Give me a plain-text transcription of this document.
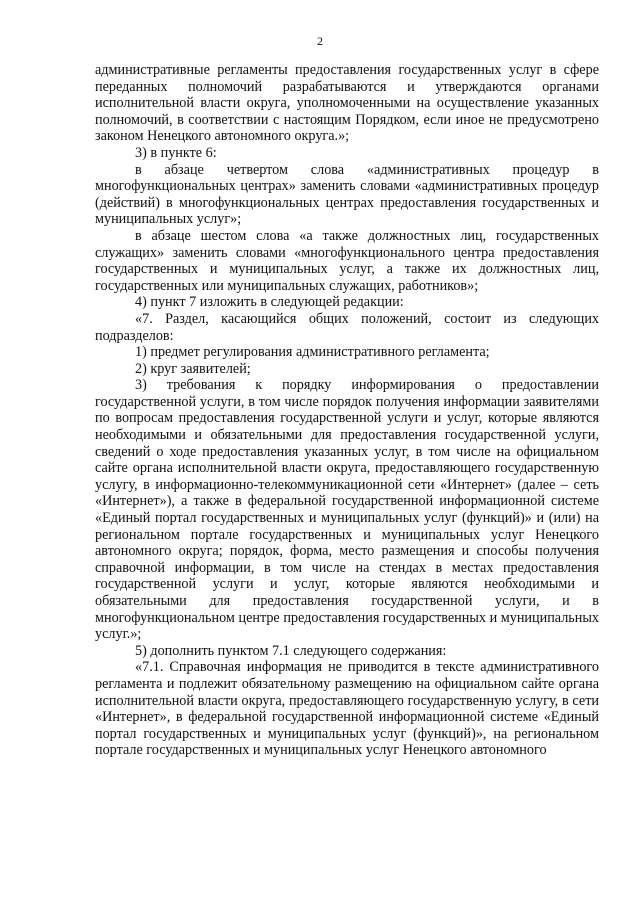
2

административные регламенты предоставления государственных услуг в сфере переданных полномочий разрабатываются и утверждаются органами исполнительной власти округа, уполномоченными на осуществление указанных полномочий, в соответствии с настоящим Порядком, если иное не предусмотрено законом Ненецкого автономного округа.»;

3) в пункте 6:

в абзаце четвертом слова «административных процедур в многофункциональных центрах» заменить словами «административных процедур (действий) в многофункциональных центрах предоставления государственных и муниципальных услуг»;

в абзаце шестом слова «а также должностных лиц, государственных служащих» заменить словами «многофункционального центра предоставления государственных и муниципальных услуг, а также их должностных лиц, государственных или муниципальных служащих, работников»;

4) пункт 7 изложить в следующей редакции:

«7. Раздел, касающийся общих положений, состоит из следующих подразделов:

1) предмет регулирования административного регламента;

2) круг заявителей;

3) требования к порядку информирования о предоставлении государственной услуги, в том числе порядок получения информации заявителями по вопросам предоставления государственной услуги и услуг, которые являются необходимыми и обязательными для предоставления государственной услуги, сведений о ходе предоставления указанных услуг, в том числе на официальном сайте органа исполнительной власти округа, предоставляющего государственную услугу, в информационно-телекоммуникационной сети «Интернет» (далее – сеть «Интернет»), а также в федеральной государственной информационной системе «Единый портал государственных и муниципальных услуг (функций)» и (или) на региональном портале государственных и муниципальных услуг Ненецкого автономного округа; порядок, форма, место размещения и способы получения справочной информации, в том числе на стендах в местах предоставления государственной услуги и услуг, которые являются необходимыми и обязательными для предоставления государственной услуги, и в многофункциональном центре предоставления государственных и муниципальных услуг.»;

5) дополнить пунктом 7.1 следующего содержания:

«7.1. Справочная информация не приводится в тексте административного регламента и подлежит обязательному размещению на официальном сайте органа исполнительной власти округа, предоставляющего государственную услугу, в сети «Интернет», в федеральной государственной информационной системе «Единый портал государственных и муниципальных услуг (функций)», на региональном портале государственных и муниципальных услуг Ненецкого автономного
